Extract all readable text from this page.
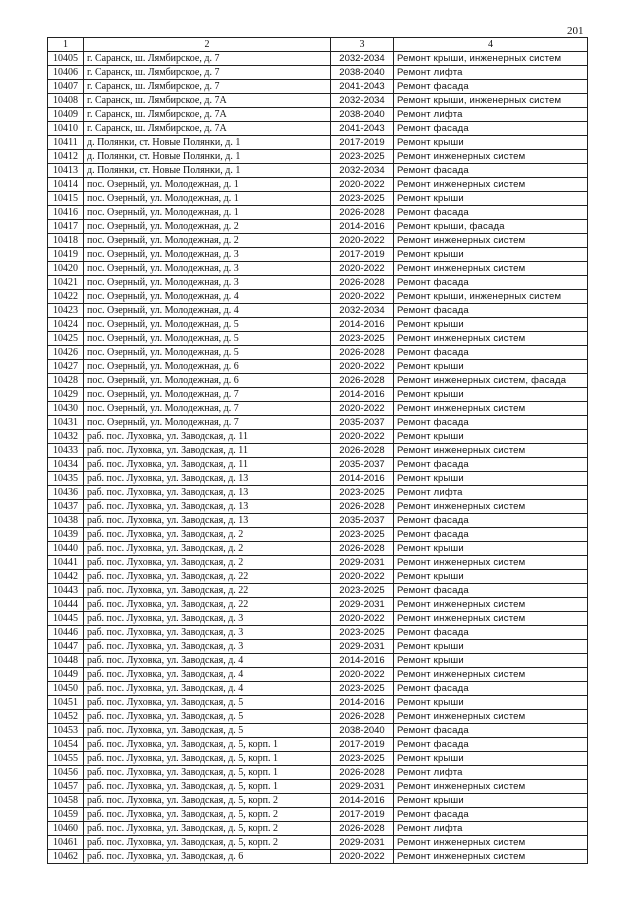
201
1	2	3	4
10405	г. Саранск, ш. Лямбирское, д. 7	2032-2034	Ремонт крыши, инженерных систем
10406	г. Саранск, ш. Лямбирское, д. 7	2038-2040	Ремонт лифта
10407	г. Саранск, ш. Лямбирское, д. 7	2041-2043	Ремонт фасада
10408	г. Саранск, ш. Лямбирское, д. 7А	2032-2034	Ремонт крыши, инженерных систем
10409	г. Саранск, ш. Лямбирское, д. 7А	2038-2040	Ремонт лифта
10410	г. Саранск, ш. Лямбирское, д. 7А	2041-2043	Ремонт фасада
10411	д. Полянки, ст. Новые Полянки, д. 1	2017-2019	Ремонт крыши
10412	д. Полянки, ст. Новые Полянки, д. 1	2023-2025	Ремонт инженерных систем
10413	д. Полянки, ст. Новые Полянки, д. 1	2032-2034	Ремонт фасада
10414	пос. Озерный, ул. Молодежная, д. 1	2020-2022	Ремонт инженерных систем
10415	пос. Озерный, ул. Молодежная, д. 1	2023-2025	Ремонт крыши
10416	пос. Озерный, ул. Молодежная, д. 1	2026-2028	Ремонт фасада
10417	пос. Озерный, ул. Молодежная, д. 2	2014-2016	Ремонт крыши, фасада
10418	пос. Озерный, ул. Молодежная, д. 2	2020-2022	Ремонт инженерных систем
10419	пос. Озерный, ул. Молодежная, д. 3	2017-2019	Ремонт крыши
10420	пос. Озерный, ул. Молодежная, д. 3	2020-2022	Ремонт инженерных систем
10421	пос. Озерный, ул. Молодежная, д. 3	2026-2028	Ремонт фасада
10422	пос. Озерный, ул. Молодежная, д. 4	2020-2022	Ремонт крыши, инженерных систем
10423	пос. Озерный, ул. Молодежная, д. 4	2032-2034	Ремонт фасада
10424	пос. Озерный, ул. Молодежная, д. 5	2014-2016	Ремонт крыши
10425	пос. Озерный, ул. Молодежная, д. 5	2023-2025	Ремонт инженерных систем
10426	пос. Озерный, ул. Молодежная, д. 5	2026-2028	Ремонт фасада
10427	пос. Озерный, ул. Молодежная, д. 6	2020-2022	Ремонт крыши
10428	пос. Озерный, ул. Молодежная, д. 6	2026-2028	Ремонт инженерных систем, фасада
10429	пос. Озерный, ул. Молодежная, д. 7	2014-2016	Ремонт крыши
10430	пос. Озерный, ул. Молодежная, д. 7	2020-2022	Ремонт инженерных систем
10431	пос. Озерный, ул. Молодежная, д. 7	2035-2037	Ремонт фасада
10432	раб. пос. Луховка, ул. Заводская, д. 11	2020-2022	Ремонт крыши
10433	раб. пос. Луховка, ул. Заводская, д. 11	2026-2028	Ремонт инженерных систем
10434	раб. пос. Луховка, ул. Заводская, д. 11	2035-2037	Ремонт фасада
10435	раб. пос. Луховка, ул. Заводская, д. 13	2014-2016	Ремонт крыши
10436	раб. пос. Луховка, ул. Заводская, д. 13	2023-2025	Ремонт лифта
10437	раб. пос. Луховка, ул. Заводская, д. 13	2026-2028	Ремонт инженерных систем
10438	раб. пос. Луховка, ул. Заводская, д. 13	2035-2037	Ремонт фасада
10439	раб. пос. Луховка, ул. Заводская, д. 2	2023-2025	Ремонт фасада
10440	раб. пос. Луховка, ул. Заводская, д. 2	2026-2028	Ремонт крыши
10441	раб. пос. Луховка, ул. Заводская, д. 2	2029-2031	Ремонт инженерных систем
10442	раб. пос. Луховка, ул. Заводская, д. 22	2020-2022	Ремонт крыши
10443	раб. пос. Луховка, ул. Заводская, д. 22	2023-2025	Ремонт фасада
10444	раб. пос. Луховка, ул. Заводская, д. 22	2029-2031	Ремонт инженерных систем
10445	раб. пос. Луховка, ул. Заводская, д. 3	2020-2022	Ремонт инженерных систем
10446	раб. пос. Луховка, ул. Заводская, д. 3	2023-2025	Ремонт фасада
10447	раб. пос. Луховка, ул. Заводская, д. 3	2029-2031	Ремонт крыши
10448	раб. пос. Луховка, ул. Заводская, д. 4	2014-2016	Ремонт крыши
10449	раб. пос. Луховка, ул. Заводская, д. 4	2020-2022	Ремонт инженерных систем
10450	раб. пос. Луховка, ул. Заводская, д. 4	2023-2025	Ремонт фасада
10451	раб. пос. Луховка, ул. Заводская, д. 5	2014-2016	Ремонт крыши
10452	раб. пос. Луховка, ул. Заводская, д. 5	2026-2028	Ремонт инженерных систем
10453	раб. пос. Луховка, ул. Заводская, д. 5	2038-2040	Ремонт фасада
10454	раб. пос. Луховка, ул. Заводская, д. 5, корп. 1	2017-2019	Ремонт фасада
10455	раб. пос. Луховка, ул. Заводская, д. 5, корп. 1	2023-2025	Ремонт крыши
10456	раб. пос. Луховка, ул. Заводская, д. 5, корп. 1	2026-2028	Ремонт лифта
10457	раб. пос. Луховка, ул. Заводская, д. 5, корп. 1	2029-2031	Ремонт инженерных систем
10458	раб. пос. Луховка, ул. Заводская, д. 5, корп. 2	2014-2016	Ремонт крыши
10459	раб. пос. Луховка, ул. Заводская, д. 5, корп. 2	2017-2019	Ремонт фасада
10460	раб. пос. Луховка, ул. Заводская, д. 5, корп. 2	2026-2028	Ремонт лифта
10461	раб. пос. Луховка, ул. Заводская, д. 5, корп. 2	2029-2031	Ремонт инженерных систем
10462	раб. пос. Луховка, ул. Заводская, д. 6	2020-2022	Ремонт инженерных систем
